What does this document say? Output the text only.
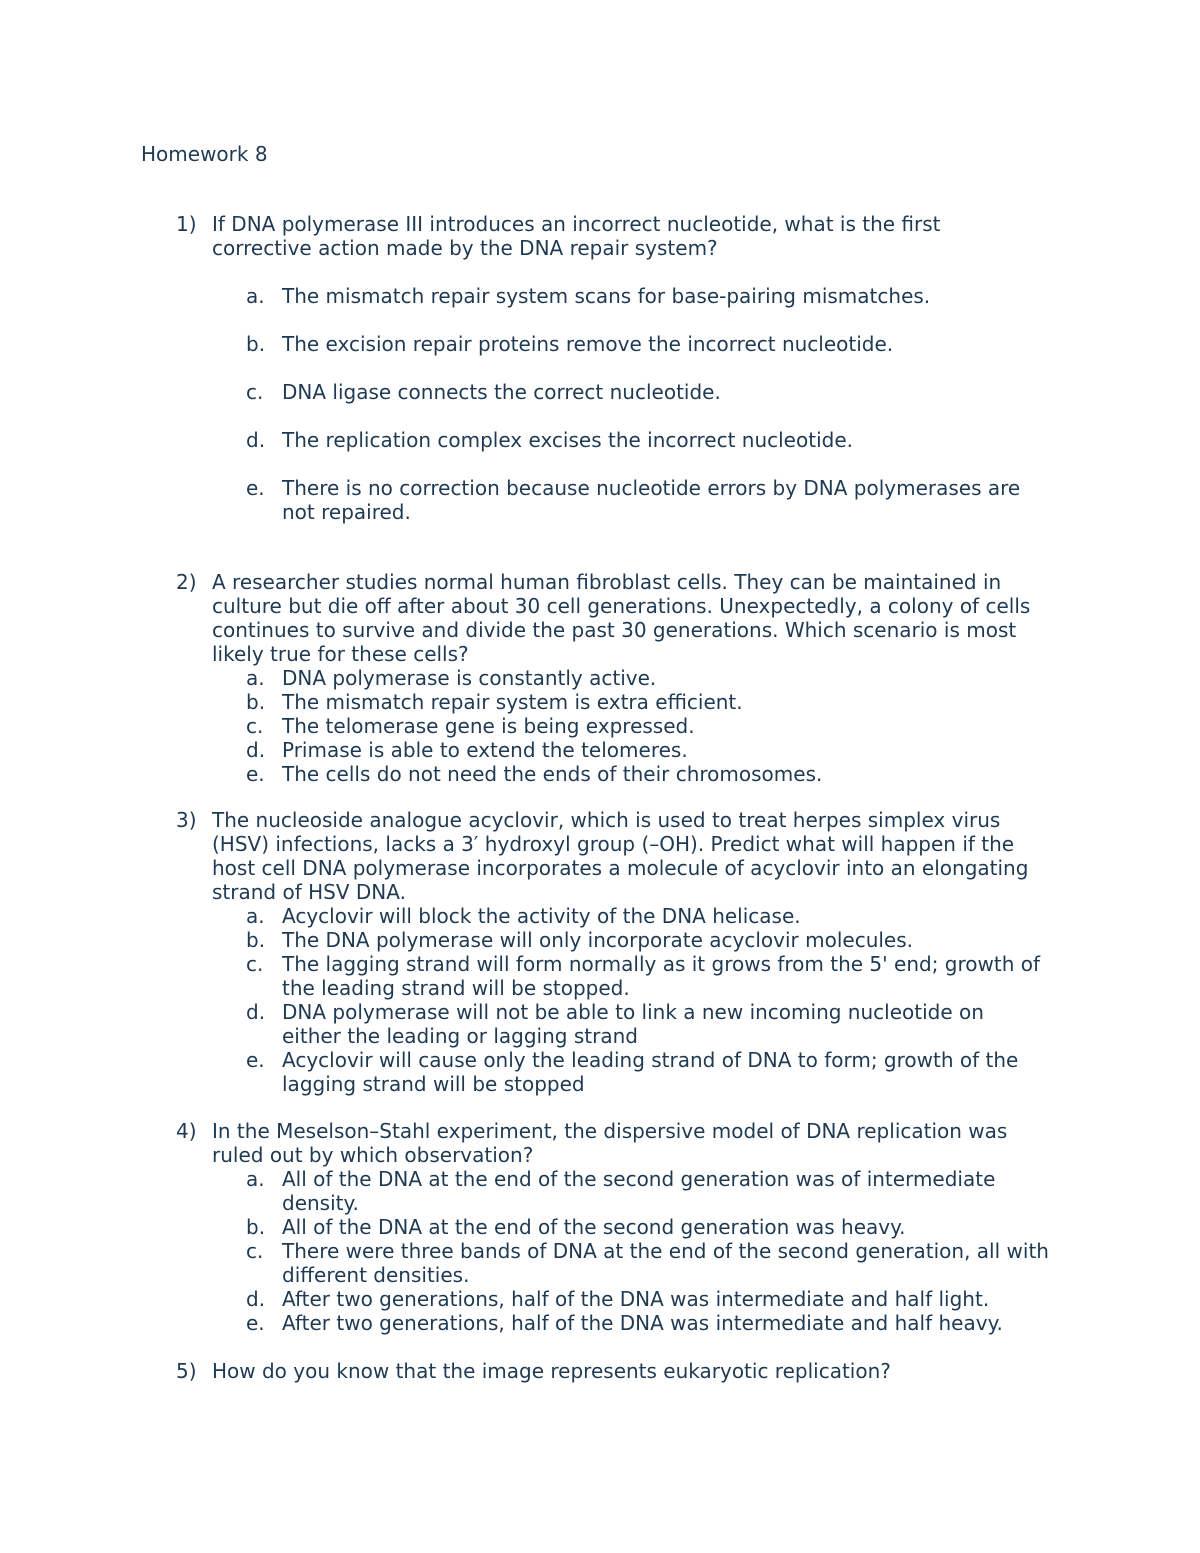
Homework 8
1) If DNA polymerase III introduces an incorrect nucleotide, what is the first corrective action made by the DNA repair system?
a. The mismatch repair system scans for base-pairing mismatches.
b. The excision repair proteins remove the incorrect nucleotide.
c. DNA ligase connects the correct nucleotide.
d. The replication complex excises the incorrect nucleotide.
e. There is no correction because nucleotide errors by DNA polymerases are not repaired.
2) A researcher studies normal human fibroblast cells. They can be maintained in culture but die off after about 30 cell generations. Unexpectedly, a colony of cells continues to survive and divide the past 30 generations. Which scenario is most likely true for these cells?
a. DNA polymerase is constantly active.
b. The mismatch repair system is extra efficient.
c. The telomerase gene is being expressed.
d. Primase is able to extend the telomeres.
e. The cells do not need the ends of their chromosomes.
3) The nucleoside analogue acyclovir, which is used to treat herpes simplex virus (HSV) infections, lacks a 3′ hydroxyl group (–OH). Predict what will happen if the host cell DNA polymerase incorporates a molecule of acyclovir into an elongating strand of HSV DNA.
a. Acyclovir will block the activity of the DNA helicase.
b. The DNA polymerase will only incorporate acyclovir molecules.
c. The lagging strand will form normally as it grows from the 5' end; growth of the leading strand will be stopped.
d. DNA polymerase will not be able to link a new incoming nucleotide on either the leading or lagging strand
e. Acyclovir will cause only the leading strand of DNA to form; growth of the lagging strand will be stopped
4) In the Meselson–Stahl experiment, the dispersive model of DNA replication was ruled out by which observation?
a. All of the DNA at the end of the second generation was of intermediate density.
b. All of the DNA at the end of the second generation was heavy.
c. There were three bands of DNA at the end of the second generation, all with different densities.
d. After two generations, half of the DNA was intermediate and half light.
e. After two generations, half of the DNA was intermediate and half heavy.
5) How do you know that the image represents eukaryotic replication?
